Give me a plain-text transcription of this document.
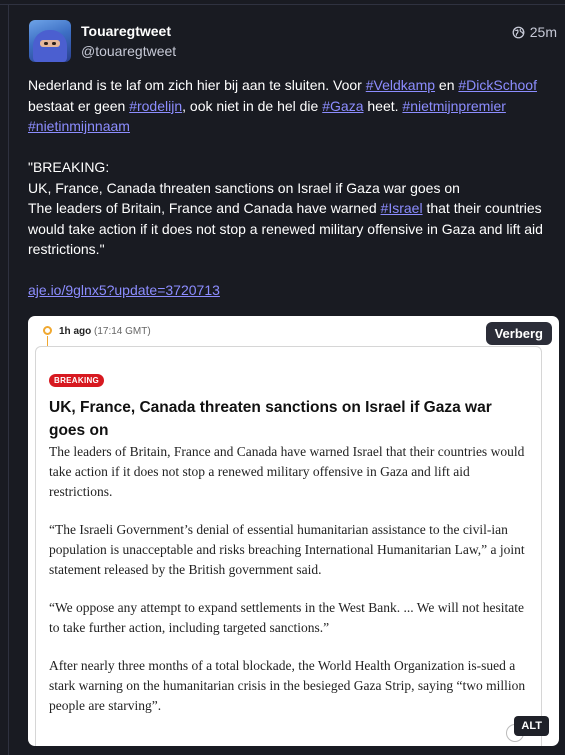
Touaregtweet
@touaregtweet
25m

Nederland is te laf om zich hier bij aan te sluiten. Voor #Veldkamp en #DickSchoof bestaat er geen #rodelijn, ook niet in de hel die #Gaza heet. #nietmijnpremier
#nietinmijnnaam

"BREAKING:
UK, France, Canada threaten sanctions on Israel if Gaza war goes on
The leaders of Britain, France and Canada have warned #Israel that their countries would take action if it does not stop a renewed military offensive in Gaza and lift aid restrictions."

aje.io/9glnx5?update=3720713

1h ago (17:14 GMT)	Verberg
BREAKING
UK, France, Canada threaten sanctions on Israel if Gaza war goes on

The leaders of Britain, France and Canada have warned Israel that their countries would take action if it does not stop a renewed military offensive in Gaza and lift aid restrictions.

“The Israeli Government’s denial of essential humanitarian assistance to the civil-ian population is unacceptable and risks breaching International Humanitarian Law,” a joint statement released by the British government said.

“We oppose any attempt to expand settlements in the West Bank. ... We will not hesitate to take further action, including targeted sanctions.”

After nearly three months of a total blockade, the World Health Organization is-sued a stark warning on the humanitarian crisis in the besieged Gaza Strip, saying “two million people are starving”.

ALT
